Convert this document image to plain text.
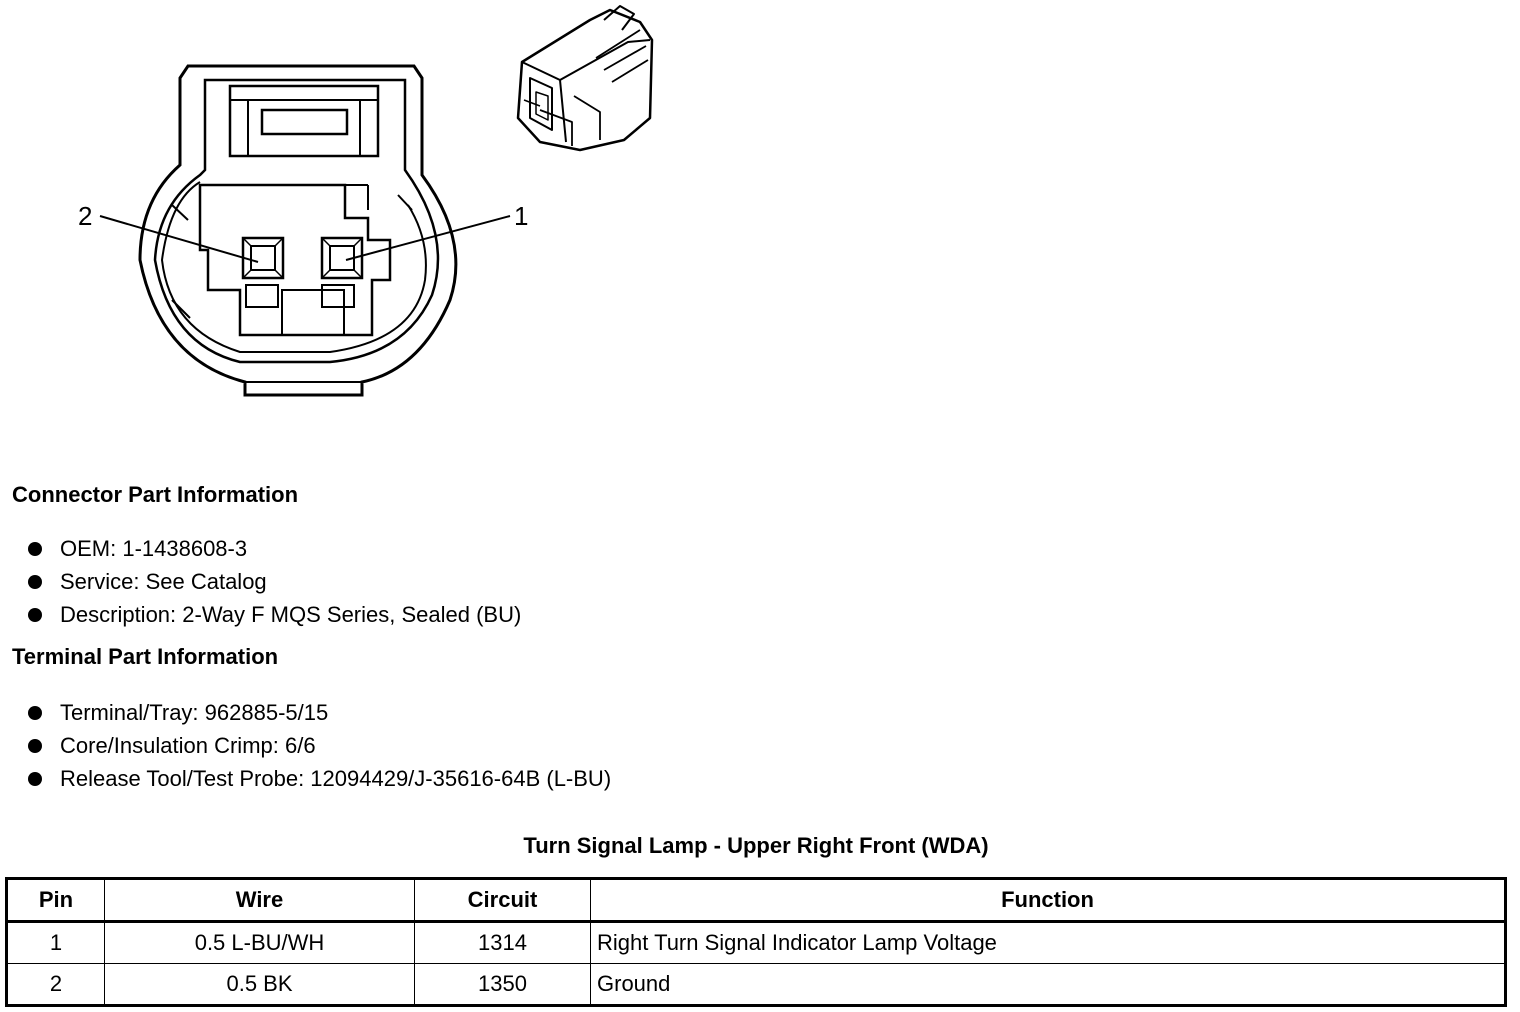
2	1
Connector Part Information
OEM: 1-1438608-3
Service: See Catalog
Description: 2-Way F MQS Series, Sealed (BU)
Terminal Part Information
Terminal/Tray: 962885-5/15
Core/Insulation Crimp: 6/6
Release Tool/Test Probe: 12094429/J-35616-64B (L-BU)
Turn Signal Lamp - Upper Right Front (WDA)
Pin	Wire	Circuit	Function
1	0.5 L-BU/WH	1314	Right Turn Signal Indicator Lamp Voltage
2	0.5 BK	1350	Ground
